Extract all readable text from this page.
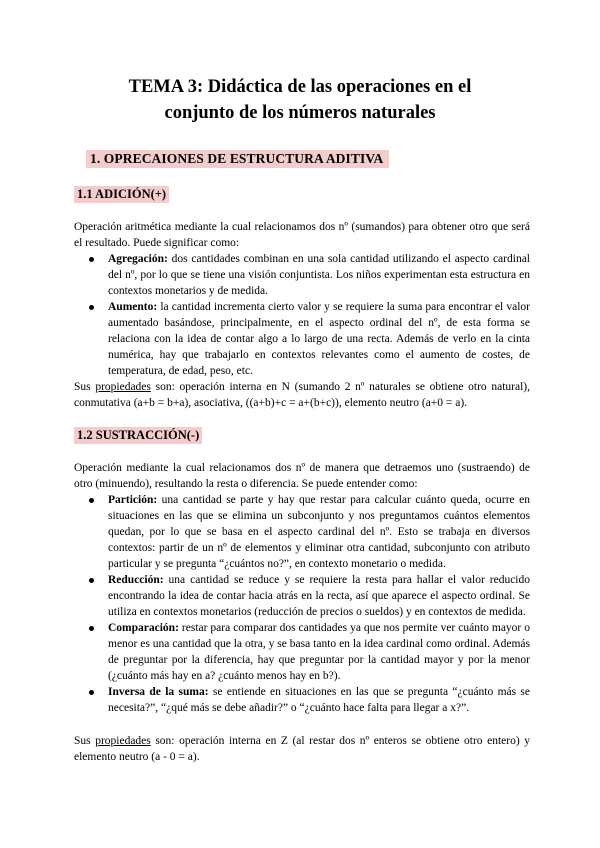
TEMA 3: Didáctica de las operaciones en el
conjunto de los números naturales
1. OPRECAIONES DE ESTRUCTURA ADITIVA
1.1 ADICIÓN(+)
Operación aritmética mediante la cual relacionamos dos nº (sumandos) para obtener otro que será el resultado. Puede significar como:
Agregación: dos cantidades combinan en una sola cantidad utilizando el aspecto cardinal del nº, por lo que se tiene una visión conjuntista. Los niños experimentan esta estructura en contextos monetarios y de medida.
Aumento: la cantidad incrementa cierto valor y se requiere la suma para encontrar el valor aumentado basándose, principalmente, en el aspecto ordinal del nº, de esta forma se relaciona con la idea de contar algo a lo largo de una recta. Además de verlo en la cinta numérica, hay que trabajarlo en contextos relevantes como el aumento de costes, de temperatura, de edad, peso, etc.
Sus propiedades son: operación interna en N (sumando 2 nº naturales se obtiene otro natural), conmutativa (a+b = b+a), asociativa, ((a+b)+c = a+(b+c)), elemento neutro (a+0 = a).
1.2 SUSTRACCIÓN(-)
Operación mediante la cual relacionamos dos nº de manera que detraemos uno (sustraendo) de otro (minuendo), resultando la resta o diferencia. Se puede entender como:
Partición: una cantidad se parte y hay que restar para calcular cuánto queda, ocurre en situaciones en las que se elimina un subconjunto y nos preguntamos cuántos elementos quedan, por lo que se basa en el aspecto cardinal del nº. Esto se trabaja en diversos contextos: partir de un nº de elementos y eliminar otra cantidad, subconjunto con atributo particular y se pregunta “¿cuántos no?”, en contexto monetario o medida.
Reducción: una cantidad se reduce y se requiere la resta para hallar el valor reducido encontrando la idea de contar hacia atrás en la recta, así que aparece el aspecto ordinal. Se utiliza en contextos monetarios (reducción de precios o sueldos) y en contextos de medida.
Comparación: restar para comparar dos cantidades ya que nos permite ver cuánto mayor o menor es una cantidad que la otra, y se basa tanto en la idea cardinal como ordinal. Además de preguntar por la diferencia, hay que preguntar por la cantidad mayor y por la menor (¿cuánto más hay en a? ¿cuánto menos hay en b?).
Inversa de la suma: se entiende en situaciones en las que se pregunta “¿cuánto más se necesita?”, “¿qué más se debe añadir?” o “¿cuánto hace falta para llegar a x?”.
Sus propiedades son: operación interna en Z (al restar dos nº enteros se obtiene otro entero) y elemento neutro (a - 0 = a).
